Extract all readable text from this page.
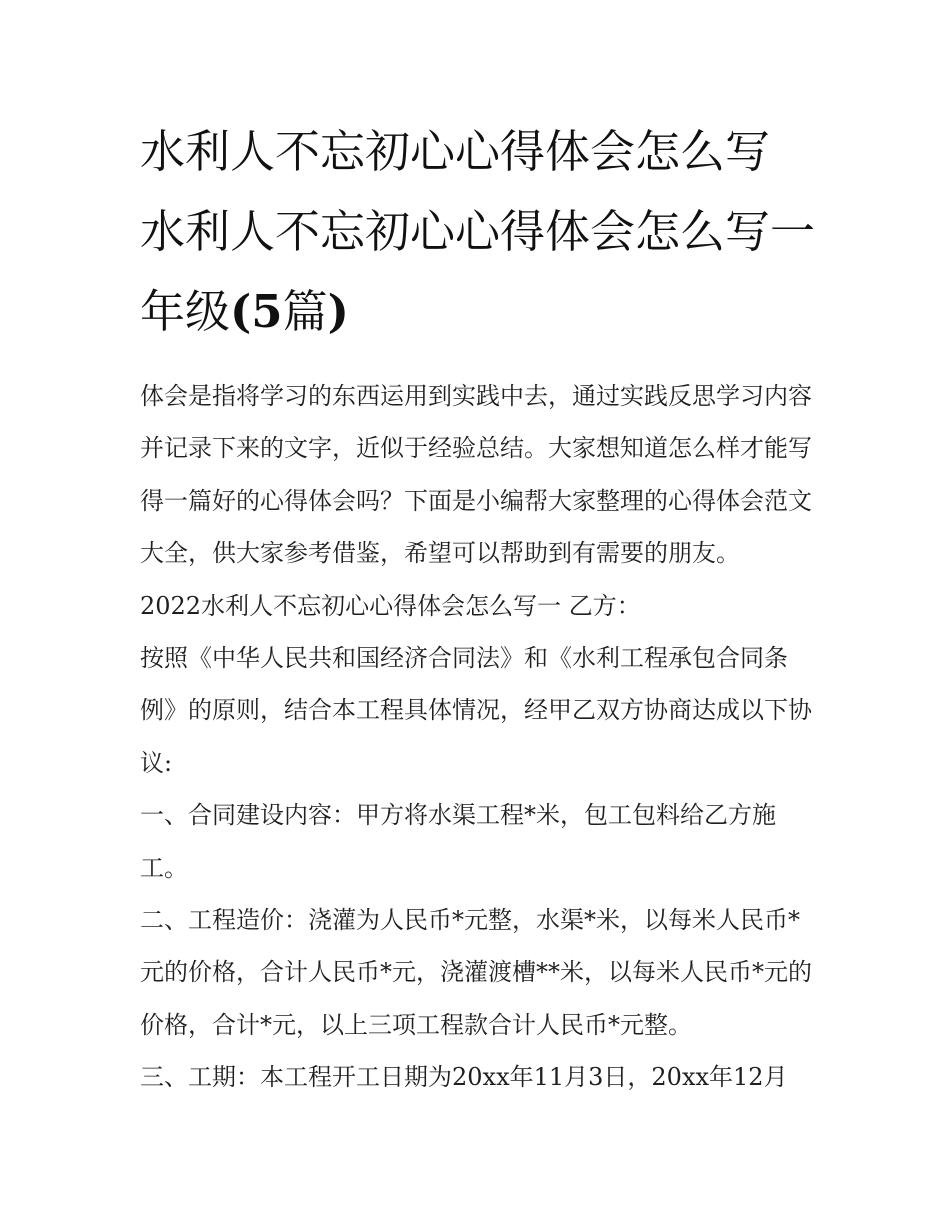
水利人不忘初心心得体会怎么写 水利人不忘初心心得体会怎么写一年级(5篇)

体会是指将学习的东西运用到实践中去，通过实践反思学习内容并记录下来的文字，近似于经验总结。大家想知道怎么样才能写得一篇好的心得体会吗？下面是小编帮大家整理的心得体会范文大全，供大家参考借鉴，希望可以帮助到有需要的朋友。

2022水利人不忘初心心得体会怎么写一 乙方：

按照《中华人民共和国经济合同法》和《水利工程承包合同条例》的原则，结合本工程具体情况，经甲乙双方协商达成以下协议:

一、合同建设内容：甲方将水渠工程*米，包工包料给乙方施工。

二、工程造价：浇灌为人民币*元整，水渠*米，以每米人民币*元的价格，合计人民币*元，浇灌渡槽**米，以每米人民币*元的价格，合计*元，以上三项工程款合计人民币*元整。

三、工期：本工程开工日期为20xx年11月3日，20xx年12月
